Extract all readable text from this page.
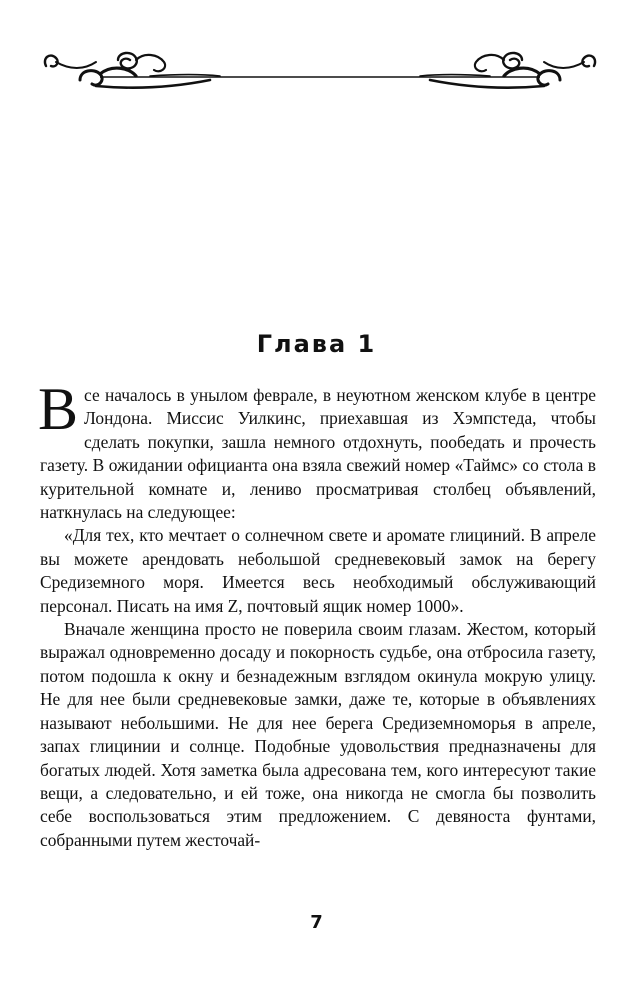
Глава 1

Все началось в унылом феврале, в неуютном женском клубе в центре Лондона. Миссис Уилкинс, приехавшая из Хэмпстеда, чтобы сделать покупки, зашла немного отдохнуть, пообедать и прочесть газету. В ожидании официанта она взяла свежий номер «Таймс» со стола в курительной комнате и, лениво просматривая столбец объявлений, наткнулась на следующее:

«Для тех, кто мечтает о солнечном свете и аромате глициний. В апреле вы можете арендовать небольшой средневековый замок на берегу Средиземного моря. Имеется весь необходимый обслуживающий персонал. Писать на имя Z, почтовый ящик номер 1000».

Вначале женщина просто не поверила своим глазам. Жестом, который выражал одновременно досаду и покорность судьбе, она отбросила газету, потом подошла к окну и безнадежным взглядом окинула мокрую улицу. Не для нее были средневековые замки, даже те, которые в объявлениях называют небольшими. Не для нее берега Средиземноморья в апреле, запах глицинии и солнце. Подобные удовольствия предназначены для богатых людей. Хотя заметка была адресована тем, кого интересуют такие вещи, а следовательно, и ей тоже, она никогда не смогла бы позволить себе воспользоваться этим предложением. С девяноста фунтами, собранными путем жесточай-

7
